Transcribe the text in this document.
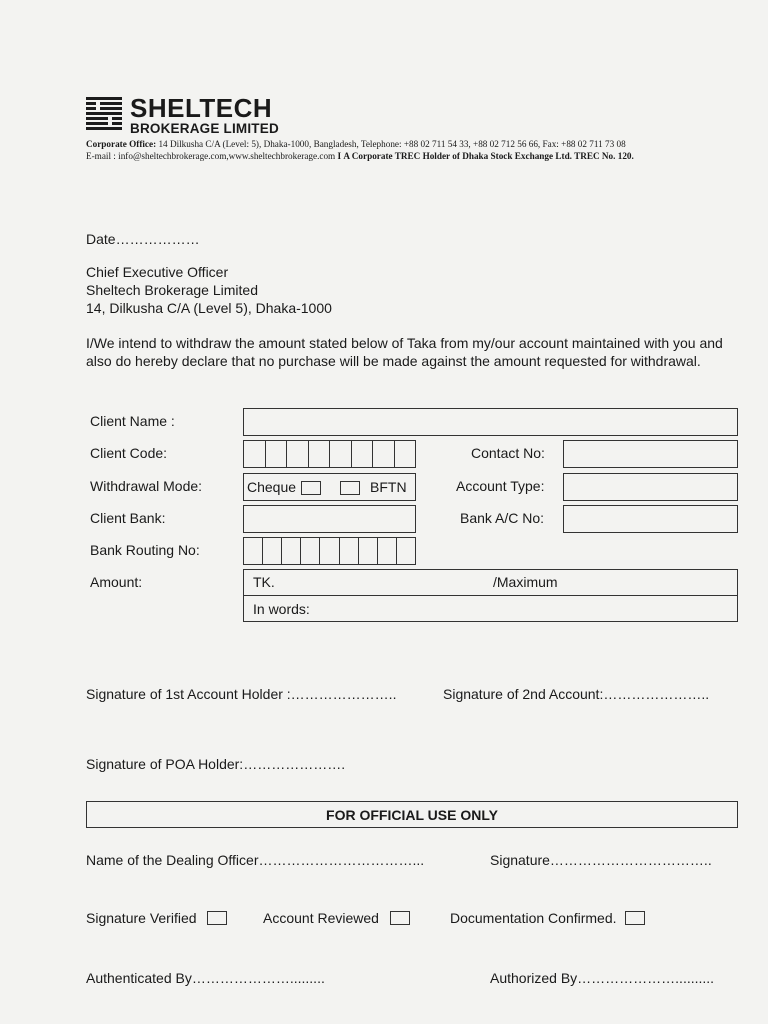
SHELTECH
BROKERAGE LIMITED
Corporate Office: 14 Dilkusha C/A (Level: 5), Dhaka-1000, Bangladesh, Telephone: +88 02 711 54 33, +88 02 712 56 66, Fax: +88 02 711 73 08
E-mail : info@sheltechbrokerage.com,www.sheltechbrokerage.com I A Corporate TREC Holder of Dhaka Stock Exchange Ltd. TREC No. 120.
Date………………
Chief Executive Officer
Sheltech Brokerage Limited
14, Dilkusha C/A (Level 5), Dhaka-1000
I/We intend to withdraw the amount stated below of Taka from my/our account maintained with you and also do hereby declare that no purchase will be made against the amount requested for withdrawal.
Client Name :
Client Code:	Contact No:
Withdrawal Mode:	Cheque	BFTN	Account Type:
Client Bank:	Bank A/C No:
Bank Routing No:
Amount:	TK.	/Maximum
In words:
Signature of 1st Account Holder :…………………..	Signature of 2nd Account:…………………..
Signature of POA Holder:………………….
FOR OFFICIAL USE ONLY
Name of the Dealing Officer……………………………...	Signature……………………………..
Signature Verified	Account Reviewed	Documentation Confirmed.
Authenticated By………………….........	Authorized By…………………..........
